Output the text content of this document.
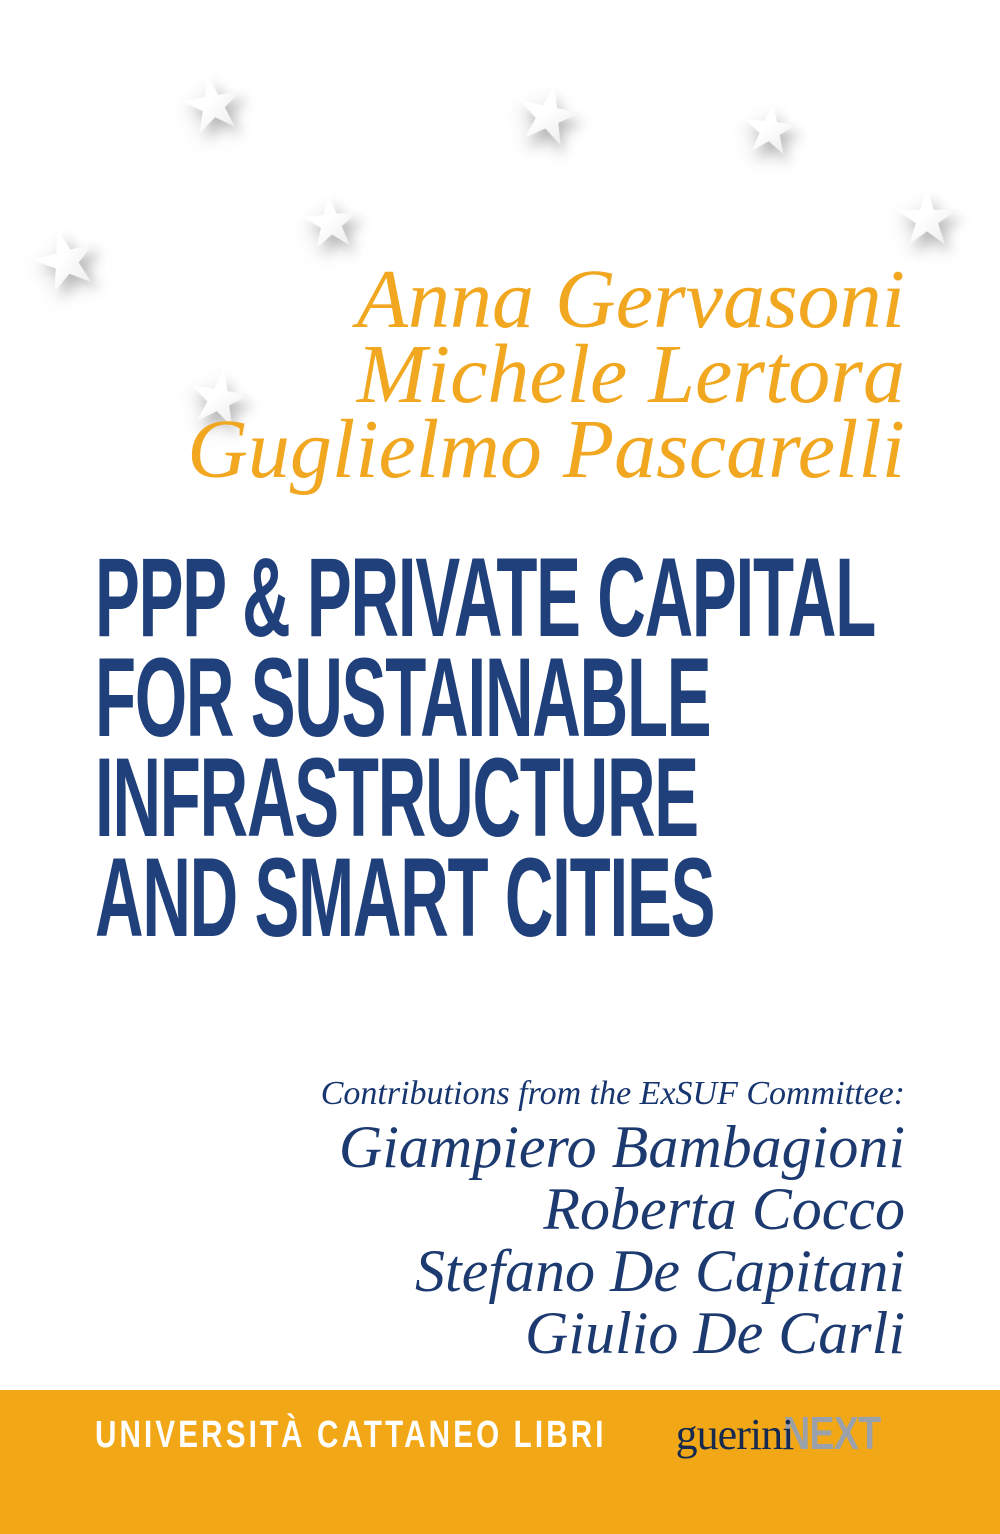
Anna Gervasoni
Michele Lertora
Guglielmo Pascarelli
PPP & PRIVATE CAPITAL
FOR SUSTAINABLE
INFRASTRUCTURE
AND SMART CITIES
Contributions from the ExSUF Committee:
Giampiero Bambagioni
Roberta Cocco
Stefano De Capitani
Giulio De Carli
UNIVERSITÀ CATTANEO LIBRI	guerini
NEXT
